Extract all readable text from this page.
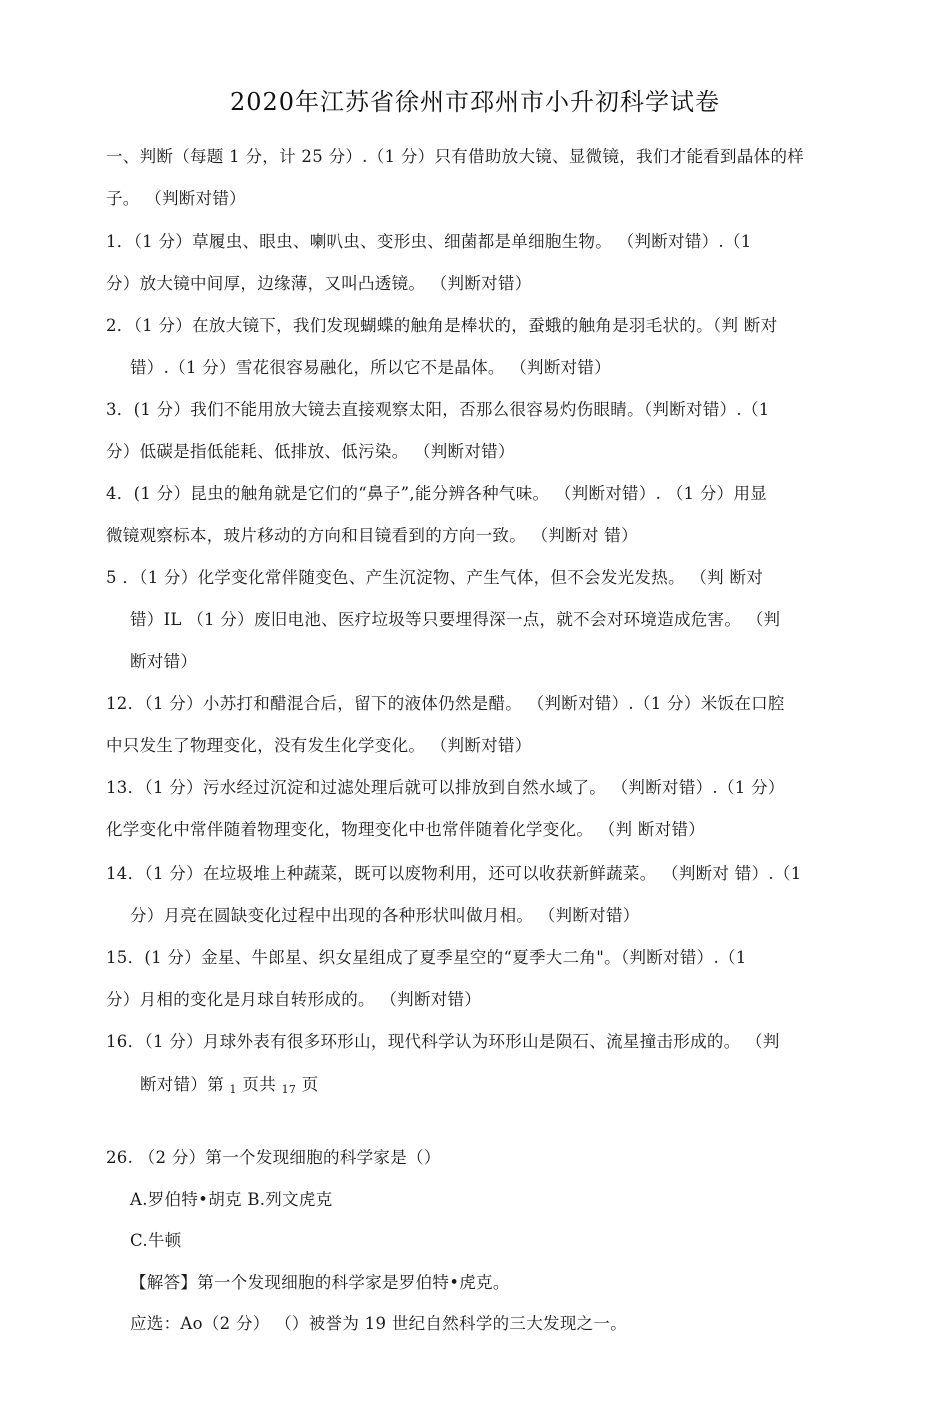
2020年江苏省徐州市邳州市小升初科学试卷
一、判断（每题 1 分，计 25 分）.（1 分）只有借助放大镜、显微镜，我们才能看到晶体的样
子。 （判断对错）
1．（1 分）草履虫、眼虫、喇叭虫、变形虫、细菌都是单细胞生物。 （判断对错）.（1
分）放大镜中间厚，边缘薄，又叫凸透镜。 （判断对错）
2．（1 分）在放大镜下，我们发现蝴蝶的触角是棒状的，蚕蛾的触角是羽毛状的。（判 断对
错）.（1 分）雪花很容易融化，所以它不是晶体。 （判断对错）
3．(1 分）我们不能用放大镜去直接观察太阳，否那么很容易灼伤眼睛。（判断对错）.（1
分）低碳是指低能耗、低排放、低污染。 （判断对错）
4．(1 分）昆虫的触角就是它们的“鼻子”,能分辨各种气味。 （判断对错）. （1 分）用显
微镜观察标本，玻片移动的方向和目镜看到的方向一致。 （判断对 错）
5 ．（1 分）化学变化常伴随变色、产生沉淀物、产生气体，但不会发光发热。 （判 断对
错）IL （1 分）废旧电池、医疗垃圾等只要埋得深一点，就不会对环境造成危害。 （判
断对错）
12．（1 分）小苏打和醋混合后，留下的液体仍然是醋。 （判断对错）.（1 分）米饭在口腔
中只发生了物理变化，没有发生化学变化。 （判断对错）
13．（1 分）污水经过沉淀和过滤处理后就可以排放到自然水域了。 （判断对错）.（1 分）
化学变化中常伴随着物理变化，物理变化中也常伴随着化学变化。 （判 断对错）
14．（1 分）在垃圾堆上种蔬菜，既可以废物利用，还可以收获新鲜蔬菜。 （判断对 错）.（1
分）月亮在圆缺变化过程中出现的各种形状叫做月相。 （判断对错）
15．(1 分）金星、牛郎星、织女星组成了夏季星空的“夏季大二角"。（判断对错）.（1
分）月相的变化是月球自转形成的。 （判断对错）
16．（1 分）月球外表有很多环形山，现代科学认为环形山是陨石、流星撞击形成的。 （判
断对错）第 $_1$ 页共 $_{17}$ 页
26. （2 分）第一个发现细胞的科学家是（）
A.罗伯特•胡克 B.列文虎克
C.牛顿
【解答】第一个发现细胞的科学家是罗伯特•虎克。
应选：Ao（2 分） （）被誉为 19 世纪自然科学的三大发现之一。
